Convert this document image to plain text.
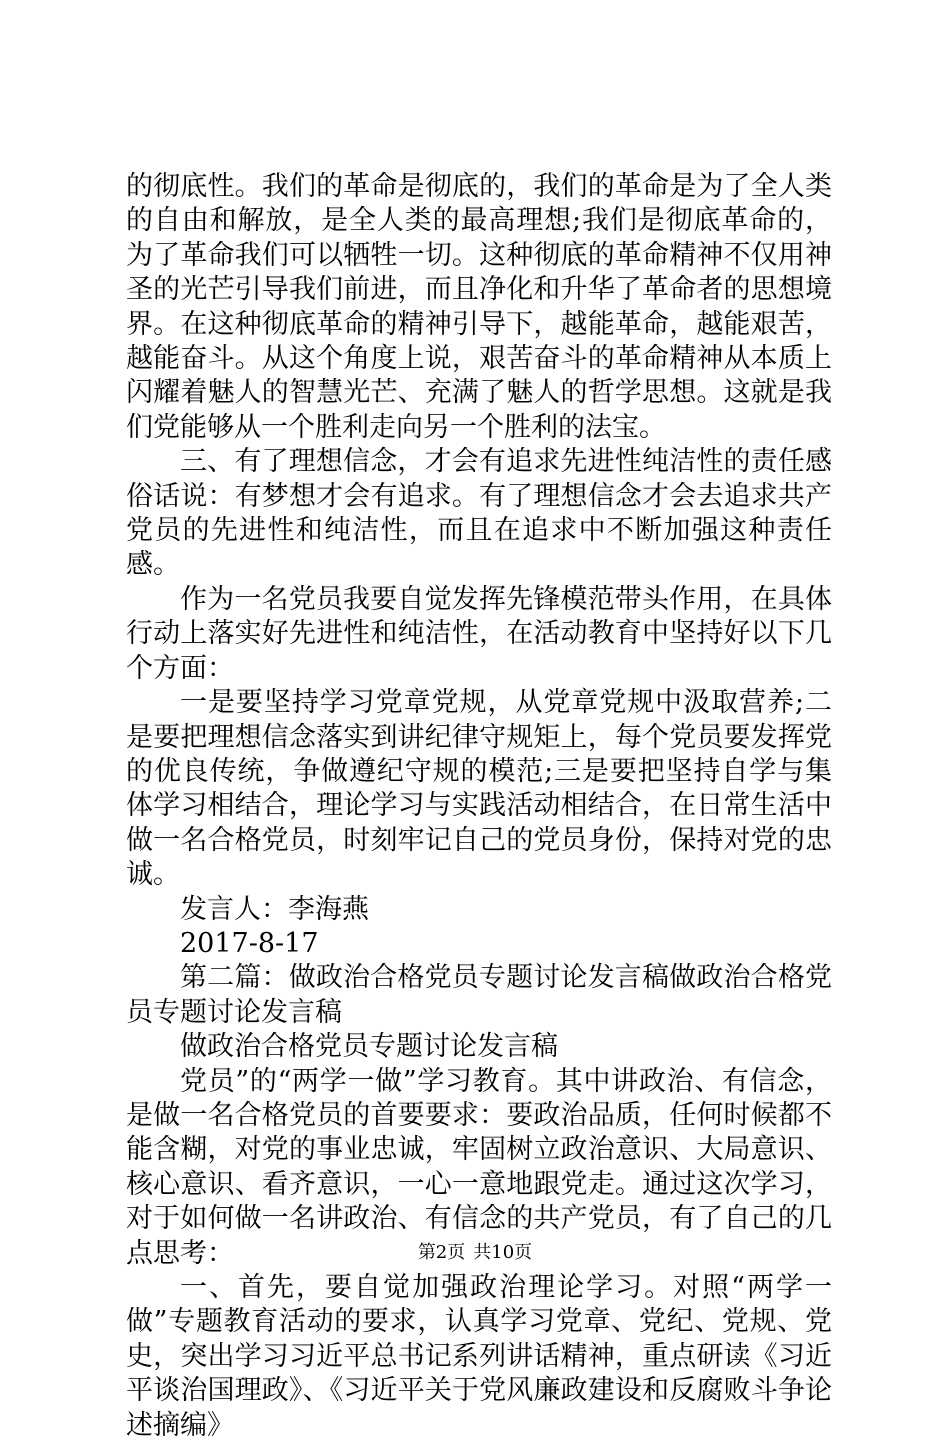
的彻底性。我们的革命是彻底的，我们的革命是为了全人类的自由和解放，是全人类的最高理想;我们是彻底革命的，为了革命我们可以牺牲一切。这种彻底的革命精神不仅用神圣的光芒引导我们前进，而且净化和升华了革命者的思想境界。在这种彻底革命的精神引导下，越能革命，越能艰苦，越能奋斗。从这个角度上说，艰苦奋斗的革命精神从本质上闪耀着魅人的智慧光芒、充满了魅人的哲学思想。这就是我们党能够从一个胜利走向另一个胜利的法宝。

三、有了理想信念，才会有追求先进性纯洁性的责任感俗话说：有梦想才会有追求。有了理想信念才会去追求共产党员的先进性和纯洁性，而且在追求中不断加强这种责任感。

作为一名党员我要自觉发挥先锋模范带头作用，在具体行动上落实好先进性和纯洁性，在活动教育中坚持好以下几个方面：

一是要坚持学习党章党规，从党章党规中汲取营养;二是要把理想信念落实到讲纪律守规矩上，每个党员要发挥党的优良传统，争做遵纪守规的模范;三是要把坚持自学与集体学习相结合，理论学习与实践活动相结合，在日常生活中做一名合格党员，时刻牢记自己的党员身份，保持对党的忠诚。

发言人：李海燕

2017-8-17

第二篇：做政治合格党员专题讨论发言稿做政治合格党员专题讨论发言稿

做政治合格党员专题讨论发言稿

党员”的“两学一做”学习教育。其中讲政治、有信念，是做一名合格党员的首要要求：要政治品质，任何时候都不能含糊，对党的事业忠诚，牢固树立政治意识、大局意识、核心意识、看齐意识，一心一意地跟党走。通过这次学习，对于如何做一名讲政治、有信念的共产党员，有了自己的几点思考：

一、首先，要自觉加强政治理论学习。对照“两学一做”专题教育活动的要求，认真学习党章、党纪、党规、党史，突出学习习近平总书记系列讲话精神，重点研读《习近平谈治国理政》、《习近平关于党风廉政建设和反腐败斗争论述摘编》

第2页 共10页
